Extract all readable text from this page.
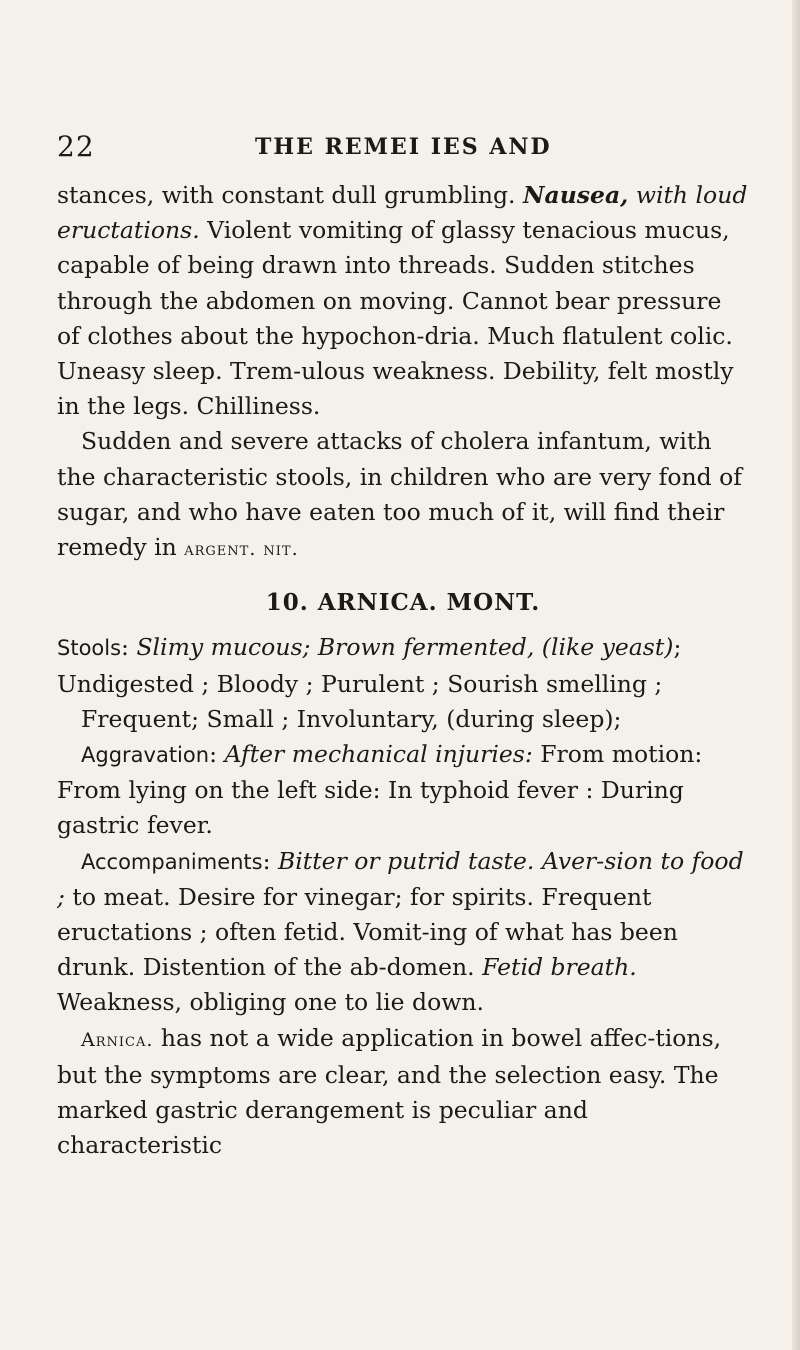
22	THE REMEI IES AND

stances, with constant dull grumbling. Nausea, with loud eructations. Violent vomiting of glassy tenacious mucus, capable of being drawn into threads. Sudden stitches through the abdomen on moving. Cannot bear pressure of clothes about the hypochon-dria. Much flatulent colic. Uneasy sleep. Trem-ulous weakness. Debility, felt mostly in the legs. Chilliness.

Sudden and severe attacks of cholera infantum, with the characteristic stools, in children who are very fond of sugar, and who have eaten too much of it, will find their remedy in argent. nit.

10. ARNICA. MONT.

Stools: Slimy mucous; Brown fermented, (like yeast); Undigested ; Bloody ; Purulent ; Sourish smelling ;

Frequent; Small ; Involuntary, (during sleep);

Aggravation: After mechanical injuries: From motion: From lying on the left side: In typhoid fever : During gastric fever.

Accompaniments: Bitter or putrid taste. Aver-sion to food ; to meat. Desire for vinegar; for spirits. Frequent eructations ; often fetid. Vomit-ing of what has been drunk. Distention of the ab-domen. Fetid breath. Weakness, obliging one to lie down.

Arnica. has not a wide application in bowel affec-tions, but the symptoms are clear, and the selection easy. The marked gastric derangement is peculiar and characteristic
